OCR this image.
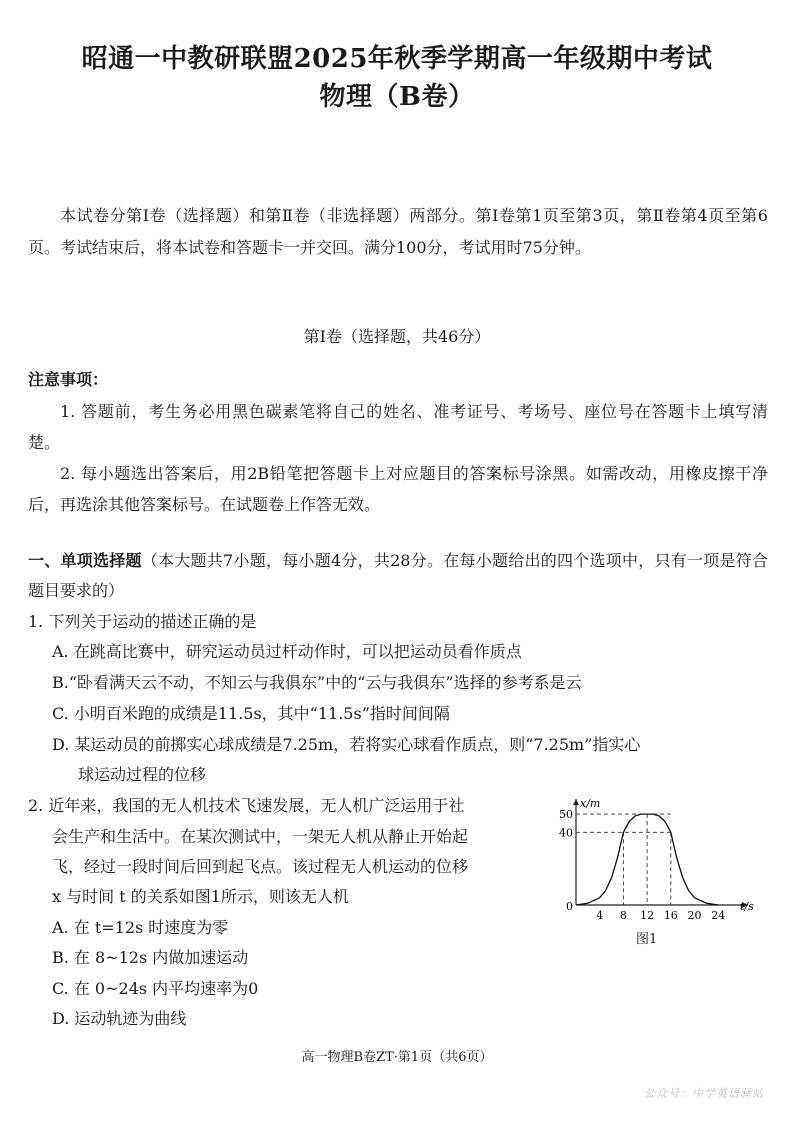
昭通一中教研联盟2025年秋季学期高一年级期中考试
物理（B卷）
本试卷分第Ⅰ卷（选择题）和第Ⅱ卷（非选择题）两部分。第Ⅰ卷第1页至第3页，第Ⅱ卷第4页至第6页。考试结束后，将本试卷和答题卡一并交回。满分100分，考试用时75分钟。
第Ⅰ卷（选择题，共46分）
注意事项：
1. 答题前，考生务必用黑色碳素笔将自己的姓名、准考证号、考场号、座位号在答题卡上填写清楚。
2. 每小题选出答案后，用2B铅笔把答题卡上对应题目的答案标号涂黑。如需改动，用橡皮擦干净后，再选涂其他答案标号。在试题卷上作答无效。
一、单项选择题（本大题共7小题，每小题4分，共28分。在每小题给出的四个选项中，只有一项是符合题目要求的）
1. 下列关于运动的描述正确的是
A. 在跳高比赛中，研究运动员过杆动作时，可以把运动员看作质点
B.“卧看满天云不动，不知云与我俱东”中的“云与我俱东”选择的参考系是云
C. 小明百米跑的成绩是11.5s，其中“11.5s”指时间间隔
D. 某运动员的前掷实心球成绩是7.25m，若将实心球看作质点，则“7.25m”指实心
球运动过程的位移
2. 近年来，我国的无人机技术飞速发展，无人机广泛运用于社
会生产和生活中。在某次测试中，一架无人机从静止开始起
飞，经过一段时间后回到起飞点。该过程无人机运动的位移
x 与时间 t 的关系如图1所示，则该无人机
A. 在 t=12s 时速度为零
B. 在 8~12s 内做加速运动
C. 在 0~24s 内平均速率为0
D. 运动轨迹为曲线
x/m
t/s
0
4 8 12 16 20 24
40
50
图1
高一物理B卷ZT·第1页（共6页）
公众号：中学英语驿站
